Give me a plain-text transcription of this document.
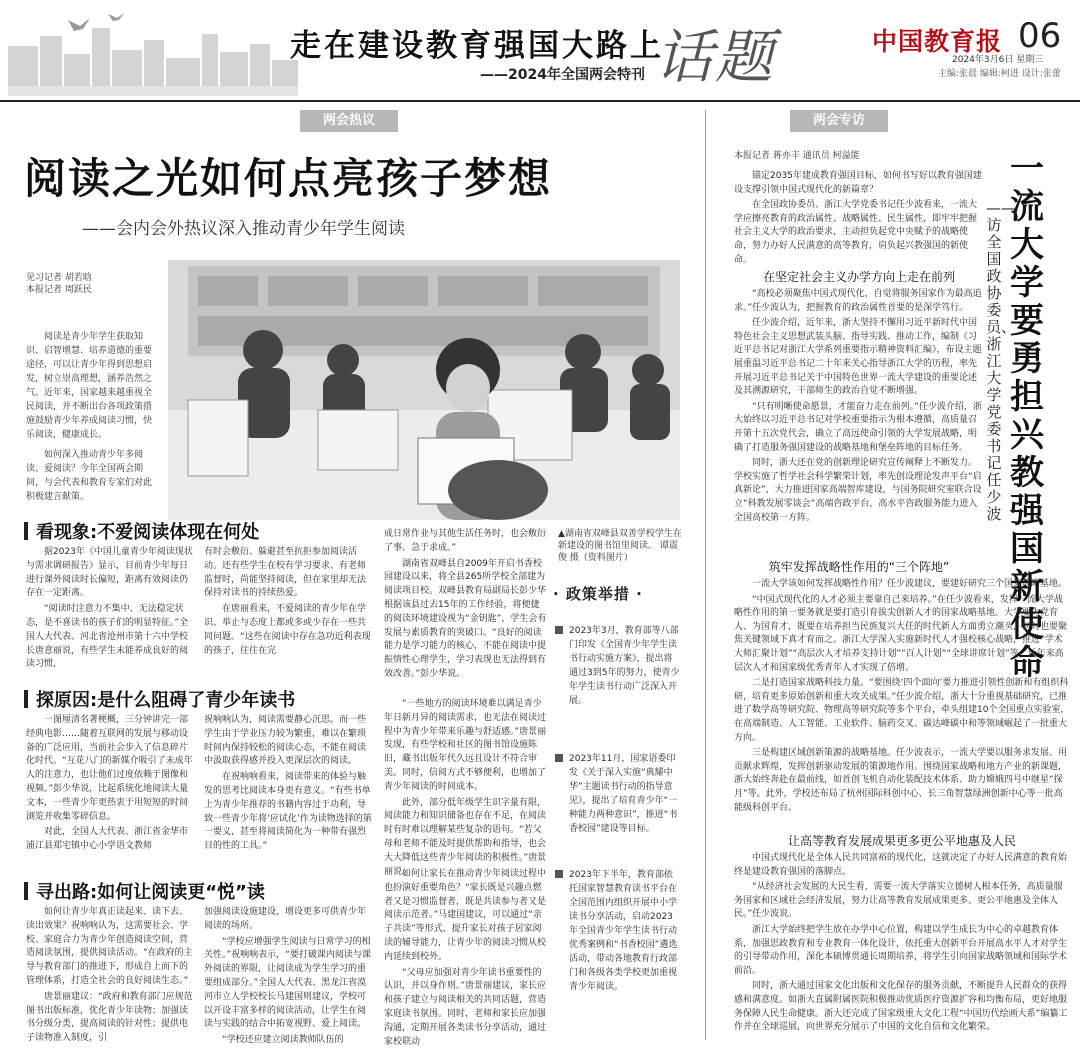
走在建设教育强国大路上
——2024年全国两会特刊 话题	中国教育报 06
2024年3月6日 星期三
主编:张晨 编辑:柯进 设计:张蕾
两会热议
阅读之光如何点亮孩子梦想
——会内会外热议深入推动青少年学生阅读
见习记者 胡若晗
本报记者 周跃民

阅读是青少年学生获取知识、启智增慧、培养道德的重要途径，可以让青少年得到思想启发，树立崇高理想，涵养浩然之气。近年来，国家越来越重视全民阅读，并不断出台各项政策措施鼓励青少年养成阅读习惯，快乐阅读，健康成长。

如何深入推动青少年多阅读、爱阅读？今年全国两会期间，与会代表和教育专家们对此积极建言献策。

▲湖南省双峰县双善学校学生在新建设的图书馆里阅读。 谭震俊 摄（资料图片）
看现象:不爱阅读体现在何处

据2023年《中国儿童青少年阅读现状与需求调研报告》显示，目前青少年每日进行课外阅读时长偏短，距离有效阅读仍存在一定距离。

“阅读时注意力不集中、无法稳定状态，是不喜读书的孩子们的明显特征。”全国人大代表、河北省沧州市第十六中学校长唐意丽说，有些学生未能养成良好的阅读习惯，

有时会敷衍、躲避甚至抗拒参加阅读活动。还有些学生在校有学习要求、有老师监督时，尚能坚持阅读，但在家里却无法保持对读书的持续热爱。

在唐丽看来，不爱阅读的青少年在学识、举止与态度上都或多或少存在一些共同问题。“这些在阅读中存在急功近利表现的孩子，往往在完

成日常作业与其他生活任务时，也会敷衍了事、急于求成。”

湖南省双峰县自2009年开启书香校园建设以来，将全县265所学校全部建为阅读项目校。双峰县教育局副局长彭少华根据该县过去15年的工作经验，将便捷的阅读环境建设视为“金钥匙”，学生会有发展与素质教育的突破口。“良好的阅读能力是学习能力的核心，不能在阅读中提振情性心理学生，学习表现也无法得到有效改善。”彭少华说。

探原因:是什么阻碍了青少年读书

一图厘清名著梗概，三分钟讲完一部经典电影……随着互联网的发展与移动设备的广泛应用，当前社会步入了信息碎片化时代。“互花八门的新媒介吸引了未成年人的注意力，也让他们过度依赖于图像和视频。”彭少华说，比起系统化地阅读大量文本，一些青少年更热衷于用短短的时间浏览并收集零碎信息。

对此，全国人大代表、浙江省金华市浦江县郑宅镇中心小学语文教师

祝响响认为，阅读需要静心沉思。而一些学生由于学业压力较为繁重，难以在繁琐时间内保持较松的阅读心态，不能在阅读中汲取获得感并投入更深层次的阅读。

在祝响响看来，阅读带来的体验与触发的思考比阅读本身更有意义。“有些书单上为青少年推荐的书籍内容过于功利，导致一些青少年将‘应试化’作为读物选择的第一要义，甚至将阅读简化为一种带有强烈目的性的工具。”

“一些地方的阅读环境难以满足青少年日新月异的阅读需求，也无法在阅读过程中为青少年带来乐趣与舒适感。”唐景丽发现，有些学校和社区的图书馆设施陈旧，藏书出版年代久远且设计不符合审美。同时，信阅方式不够便利，也增加了青少年阅读的时间成本。

此外，部分低年级学生识字量有限，阅读能力和知识储备也存在不足，在阅读时有时难以理解某些复杂的语句。“若父母和老师不能及时提供帮助和指导，也会大大降低这些青少年阅读的积极性。”唐景丽说。

寻出路:如何让阅读更“悦”读

如何让青少年真正读起来、读下去、读出效果？祝响响认为，这需要社会、学校、家庭合力为青少年创造阅读空间，营造阅读氛围，提供阅读活动。“在政府的主导与教育部门的推进下，形成自上而下的管理体系，打造全社会的良好阅读生态。”

唐景丽建议：“政府和教育部门应规范图书出版标准，优化青少年读物；加强读书分级分类，提高阅读的针对性；提供电子读物准入制度，引

加强阅读设施建设，增设更多可供青少年阅读的场所。

“学校应增强学生阅读与日常学习的相关性。”祝响响表示，“要打破课内阅读与课外阅读的界限，让阅读成为学生学习的重要组成部分。”全国人大代表、黑龙江省漠河市立人学校校长马建国则建议，学校可以开设丰富多样的阅读活动，让学生在阅读与实践的结合中拓宽视野、爱上阅读。

“学校还应建立阅读教师队伍的

如何让家长在推动青少年阅读过程中也扮演好重要角色？“家长既是兴趣点燃者又是习惯监督者，既是共读参与者又是阅读示范者。”马建国建议，可以通过“亲子共读”等形式，提升家长对孩子居家阅读的辅导能力，让青少年的阅读习惯从校内延续到校外。

“父母应加强对青少年读书重要性的认识，并以身作则。”唐景丽建议，家长应和孩子建立与阅读相关的共同话题，营造家庭读书氛围。同时，老师和家长应加强沟通，定期开展各类读书分享活动，通过家校联动

· 政策举措 ·
2023年3月，教育部等八部门印发《全国青少年学生读书行动实施方案》，提出将通过3到5年的努力，使青少年学生读书行动广泛深入开展。
2023年11月，国家语委印发《关于深入实施“典耀中华”主题读书行动的指导意见》，提出了培育青少年“一种能力两种意识”，推进“书香校园”建设等目标。
2023年下半年，教育部依托国家智慧教育读书平台在全国范围内组织开展中小学读书分享活动，启动2023年全国青少年学生读书行动优秀案例和“书香校园”遴选活动，带动各地教育行政部门和各级各类学校更加重视青少年阅读。
两会专访
本报记者 蒋亦丰 通讯员 柯溢能	一流大学要勇担兴教强国新使命
——访全国政协委员、浙江大学党委书记任少波

锚定2035年建成教育强国目标，如何书写好以教育强国建设支撑引领中国式现代化的新篇章？

在全国政协委员、浙江大学党委书记任少波看来，一流大学应擦亮教育的政治属性、战略属性、民生属性，即牢牢把握社会主义大学的政治要求，主动担负起党中央赋予的战略使命，努力办好人民满意的高等教育，肩负起兴教强国的新使命。

在坚定社会主义办学方向上走在前列

“高校必须聚焦中国式现代化，自觉将服务国家作为最高追求。”任少波认为，把握教育的政治属性首要的是深学笃行。

任少波介绍，近年来，浙大坚持不懈用习近平新时代中国特色社会主义思想武装头脑、指导实践、推动工作，编制《习近平总书记对浙江大学系列重要指示精神资料汇编》，布设主题展重温习近平总书记二十年来关心指导浙江大学的历程，率先开展习近平总书记关于中国特色世界一流大学建设的重要论述及其溯源研究，干部师生的政治自觉不断增强。

“只有明晰使命愿景，才能奋力走在前列。”任少波介绍，浙大始终以习近平总书记对学校重要指示为根本遵循，高质量召开第十五次党代会，确立了高远使命引领的大学发展战略，明确了打造服务强国建设的战略基地和堡垒阵地的目标任务。

同时，浙大还在党的创新理论研究宣传阐释上不断发力。学校实施了哲学社会科学繁荣计划，率先创设理论发声平台“启真新论”，大力推进国家高端智库建设，与国务院研究室联合设立“科教发展零谈会”高端咨政平台，高水平咨政服务能力进入全国高校第一方阵。

筑牢发挥战略性作用的“三个阵地”

一流大学该如何发挥战略性作用？任少波建议，要建好研究三个国家战略基地。

“中国式现代化的人才必须主要靠自己来培养。”在任少波看来，发挥一流大学战略性作用的第一要务就是要打造引育拔尖创新人才的国家战略基地。大学要为党育人、为国育才，既要在培养担当民族复兴大任的时代新人方面勇立潮头，同时也要聚焦关键领域下真才育而之。浙江大学深入实施新时代人才强校核心战略，推进“学术大师汇聚计划”“高层次人才培养支持计划”“百人计划”“全球讲席计划”等，近年来高层次人才和国家级优秀青年人才实现了倍增。

二是打造国家战略科技力量。“要围绕‘四个面向’要力推进引领性创新和有组织科研，培育更多原始创新和重大攻关成果。”任少波介绍，浙大十分重视基础研究，已推进了数学高等研究院、物理高等研究院等多个平台，牵头组建10个全国重点实验室，在高端制造、人工智能、工业软件、脑药交叉、碳达峰碳中和等领域崛起了一批重大方向。

三是构建区域创新策源的战略基地。任少波表示，一流大学要以服务求发展、用贡献求辉煌，发挥创新驱动发展的策源地作用。围绕国家战略和地方产业的新课题，浙大始终奔赴在最前线，如首创飞机自动化装配技术体系、助力嫦娥四号中继星“探月”等。此外，学校还布局了杭州国际科创中心、长三角智慧绿洲创新中心等一批高能级科创平台。

让高等教育发展成果更多更公平地惠及人民

中国式现代化是全体人民共同富裕的现代化，这就决定了办好人民满意的教育始终是建设教育强国的落脚点。

“从经济社会发展的大民生看，需要一流大学落实立德树人根本任务，高质量服务国家和区域社会经济发展，努力让高等教育发展成果更多、更公平地惠及全体人民。”任少波说。

浙江大学始终把学生放在办学中心位置，构建以学生成长为中心的卓越教育体系，加强思政教育和专业教育一体化设计，依托重大创新平台开展高水平人才对学生的引导带动作用，深化本硕博贯通长周期培养，将学生引向国家战略领域和国际学术前沿。

同时，浙大通过国家文化出版和文化保存的服务贡献，不断提升人民群众的获得感和满意度。如浙大直属附属医院积极推动优质医疗资源扩容和均衡布局，更好地服务保障人民生命健康。浙大还完成了国家级重大文化工程“中国历代绘画大系”编纂工作并在全球巡展，向世界充分展示了中国的文化自信和文化繁荣。
